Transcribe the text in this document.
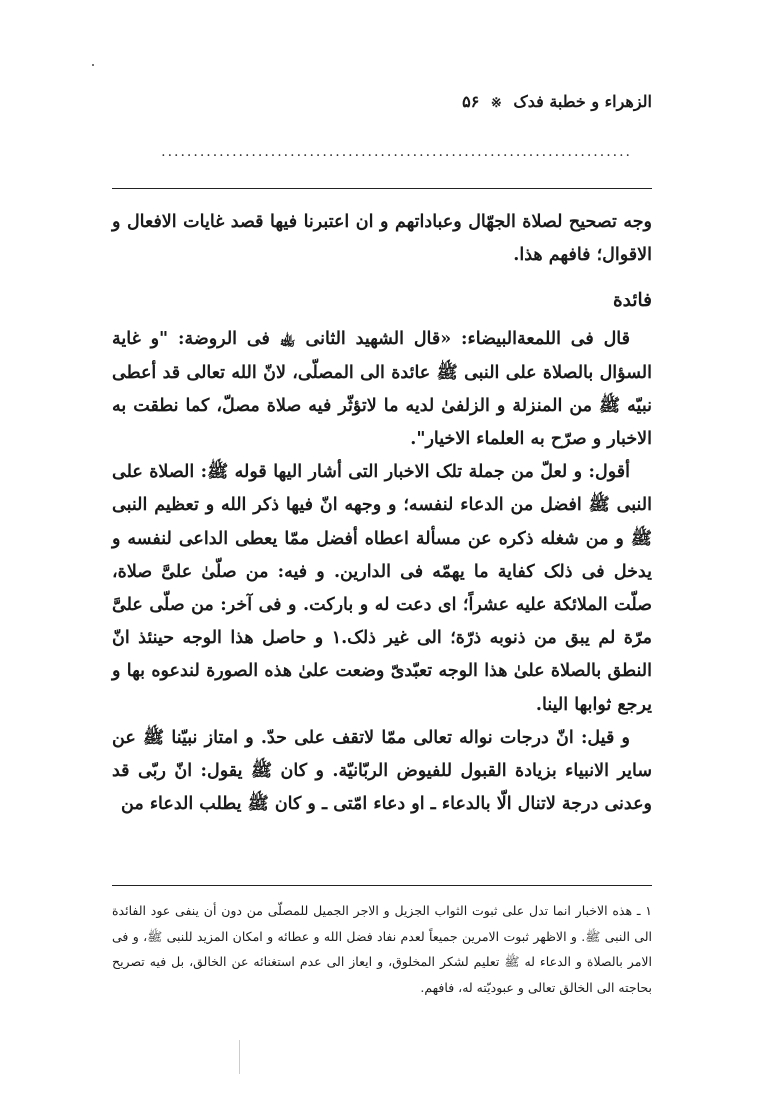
الزهراء و خطبة فدک ※ ۵۶
.........................................................................

وجه تصحیح لصلاة الجهّال وعباداتهم و ان اعتبرنا فیها قصد غایات الافعال و الاقوال؛ فافهم هذا.

فائدة

قال فی اللمعةالبیضاء: «قال الشهید الثانی ﵀ فی الروضة: "و غایة السؤال بالصلاة علی النبی ﷺ عائدة الی المصلّی، لانّ الله تعالی قد أعطی نبیّه ﷺ من المنزلة و الزلفیٰ لدیه ما لاتؤثّر فیه صلاة مصلّ، کما نطقت به الاخبار و صرّح به العلماء الاخیار".

أقول: و لعلّ من جملة تلک الاخبار التی أشار الیها قوله ﷺ: الصلاة علی النبی ﷺ افضل من الدعاء لنفسه؛ و وجهه انّ فیها ذکر الله و تعظیم النبی ﷺ و من شغله ذکره عن مسألة اعطاه أفضل ممّا یعطی الداعی لنفسه و یدخل فی ذلک کفایة ما یهمّه فی الدارین. و فیه: من صلّیٰ علیَّ صلاة، صلّت الملائکة علیه عشراً؛ ای دعت له و بارکت. و فی آخر: من صلّی علیَّ مرّة لم یبق من ذنوبه ذرّة؛ الی غیر ذلک.١ و حاصل هذا الوجه حینئذ انّ النطق بالصلاة علیٰ هذا الوجه تعبّدیّ وضعت علیٰ هذه الصورة لندعوه بها و یرجع ثوابها الینا.

و قیل: انّ درجات نواله تعالی ممّا لاتقف علی حدّ. و امتاز نبیّنا ﷺ عن سایر الانبیاء بزیادة القبول للفیوض الربّانیّة. و کان ﷺ یقول: انّ ربّی قد وعدنی درجة لاتنال الّا بالدعاء ـ او دعاء امّتی ـ و کان ﷺ یطلب الدعاء من

١ ـ هذه الاخبار انما تدل علی ثبوت الثواب الجزیل و الاجر الجمیل للمصلّی من دون أن ینفی عود الفائدة الی النبی ﷺ. و الاظهر ثبوت الامرین جمیعاً لعدم نفاد فضل الله و عطائه و امکان المزید للنبی ﷺ، و فی الامر بالصلاة و الدعاء له ﷺ تعلیم لشکر المخلوق، و ایعاز الی عدم استغنائه عن الخالق، بل فیه تصریح بحاجته الی الخالق تعالی و عبودیّته له، فافهم.
